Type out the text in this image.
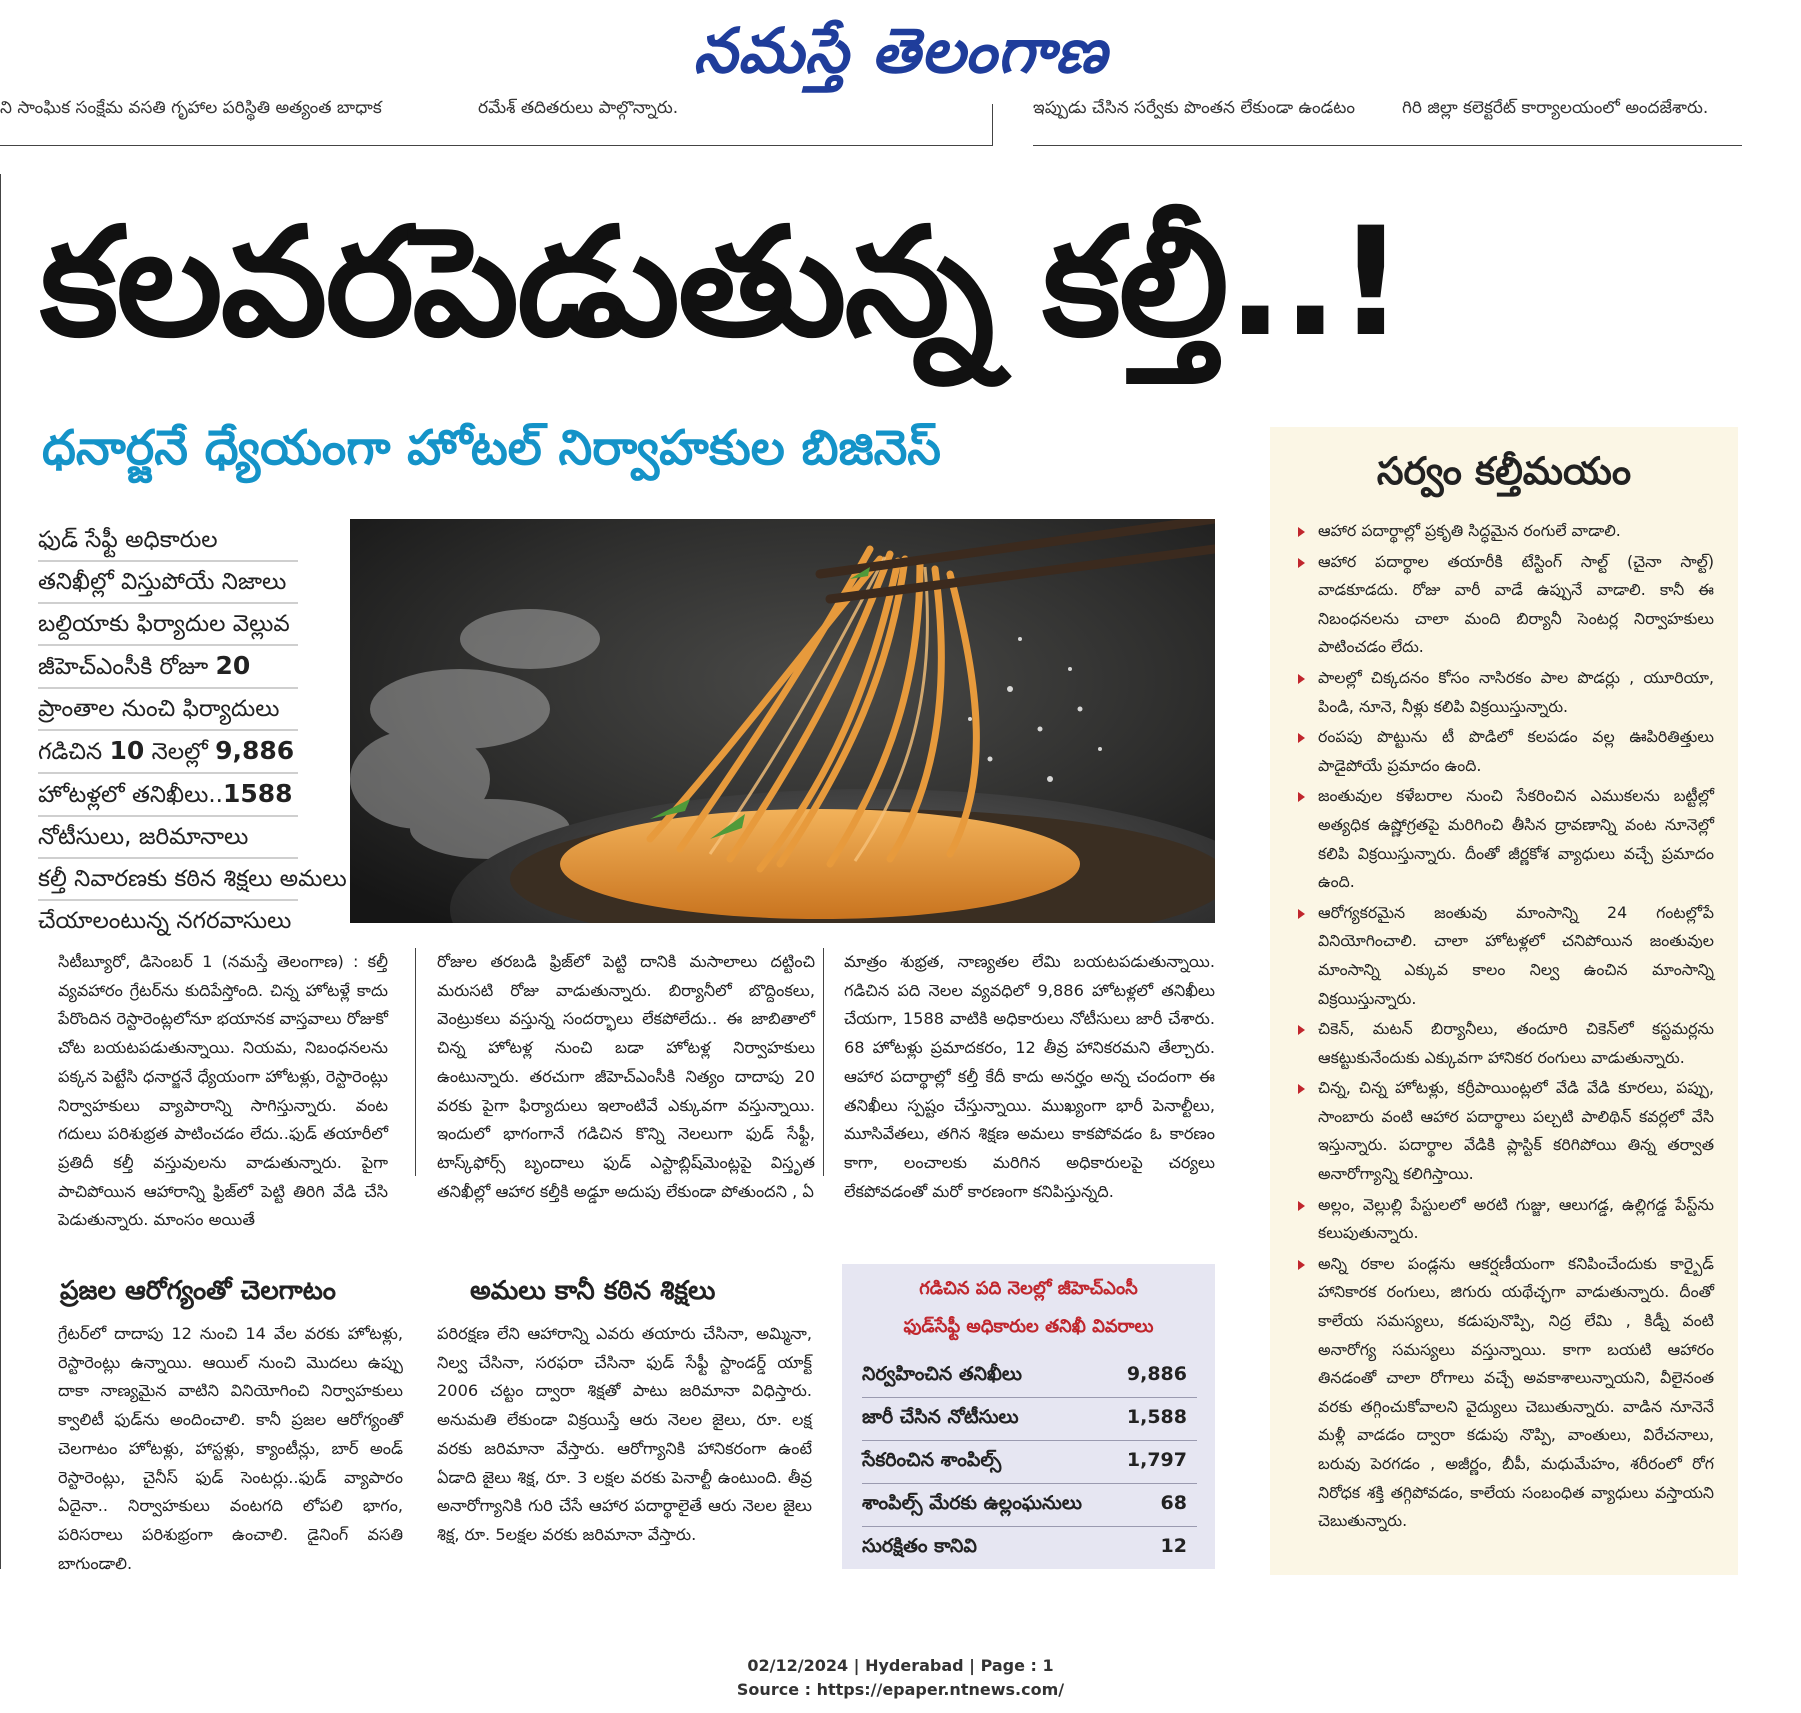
నమస్తే తెలంగాణ
ని సాంఘిక సంక్షేమ వసతి గృహాల పరిస్థితి అత్యంత బాధాక	రమేశ్ తదితరులు పాల్గొన్నారు.	ఇప్పుడు చేసిన సర్వేకు పొంతన లేకుండా ఉండటం	గిరి జిల్లా కలెక్టరేట్ కార్యాలయంలో అందజేశారు.
కలవరపెడుతున్న కల్తీ..!
ధనార్జనే ధ్యేయంగా హోటల్ నిర్వాహకుల బిజినెస్
ఫుడ్ సేఫ్టీ అధికారుల
తనిఖీల్లో విస్తుపోయే నిజాలు
బల్దియాకు ఫిర్యాదుల వెల్లువ
జీహెచ్ఎంసీకి రోజూ 20
ప్రాంతాల నుంచి ఫిర్యాదులు
గడిచిన 10 నెలల్లో 9,886
హోటళ్లలో తనిఖీలు..1588
నోటీసులు, జరిమానాలు
కల్తీ నివారణకు కఠిన శిక్షలు అమలు
చేయాలంటున్న నగరవాసులు

సిటీబ్యూరో, డిసెంబర్ 1 (నమస్తే తెలంగాణ) : కల్తీ వ్యవహారం గ్రేటర్‌ను కుదిపేస్తోంది. చిన్న హోటళ్లే కాదు పేరొందిన రెస్టారెంట్లలోనూ భయానక వాస్తవాలు రోజుకో చోట బయటపడుతున్నాయి. నియమ, నిబంధనలను పక్కన పెట్టేసి ధనార్జనే ధ్యేయంగా హోటళ్లు, రెస్టారెంట్లు నిర్వాహకులు వ్యాపారాన్ని సాగిస్తున్నారు. వంట గదులు పరిశుభ్రత పాటించడం లేదు..ఫుడ్ తయారీలో ప్రతిదీ కల్తీ వస్తువులను వాడుతున్నారు. పైగా పాచిపోయిన ఆహారాన్ని ఫ్రిజ్‌లో పెట్టి తిరిగి వేడి చేసి పెడుతున్నారు. మాంసం అయితే

రోజుల తరబడి ఫ్రిజ్‌లో పెట్టి దానికి మసాలాలు దట్టించి మరుసటి రోజు వాడుతున్నారు. బిర్యానీలో బొద్దింకలు, వెంట్రుకలు వస్తున్న సందర్భాలు లేకపోలేదు.. ఈ జాబితాలో చిన్న హోటళ్ల నుంచి బడా హోటళ్ల నిర్వాహకులు ఉంటున్నారు. తరచుగా జీహెచ్ఎంసీకి నిత్యం దాదాపు 20 వరకు పైగా ఫిర్యాదులు ఇలాంటివే ఎక్కువగా వస్తున్నాయి. ఇందులో భాగంగానే గడిచిన కొన్ని నెలలుగా ఫుడ్ సేఫ్టీ, టాస్క్‌ఫోర్స్ బృందాలు ఫుడ్ ఎస్టాబ్లిష్‌మెంట్లపై విస్తృత తనిఖీల్లో ఆహార కల్తీకి అడ్డూ అదుపు లేకుండా పోతుందని , ఏ

మాత్రం శుభ్రత, నాణ్యతల లేమి బయటపడుతున్నాయి. గడిచిన పది నెలల వ్యవధిలో 9,886 హోటళ్లలో తనిఖీలు చేయగా, 1588 వాటికి అధికారులు నోటీసులు జారీ చేశారు. 68 హోటళ్లు ప్రమాదకరం, 12 తీవ్ర హానికరమని తేల్చారు. ఆహార పదార్థాల్లో కల్తీ కేదీ కాదు అనర్హం అన్న చందంగా ఈ తనిఖీలు స్పష్టం చేస్తున్నాయి. ముఖ్యంగా భారీ పెనాల్టీలు, మూసివేతలు, తగిన శిక్షణ అమలు కాకపోవడం ఓ కారణం కాగా, లంచాలకు మరిగిన అధికారులపై చర్యలు లేకపోవడంతో మరో కారణంగా కనిపిస్తున్నది.

ప్రజల ఆరోగ్యంతో చెలగాటం

గ్రేటర్‌లో దాదాపు 12 నుంచి 14 వేల వరకు హోటళ్లు, రెస్టారెంట్లు ఉన్నాయి. ఆయిల్ నుంచి మొదలు ఉప్పు దాకా నాణ్యమైన వాటిని వినియోగించి నిర్వాహకులు క్వాలిటీ ఫుడ్‌ను అందించాలి. కానీ ప్రజల ఆరోగ్యంతో చెలగాటం హోటళ్లు, హాస్టళ్లు, క్యాంటీన్లు, బార్ అండ్ రెస్టారెంట్లు, చైనీస్ ఫుడ్ సెంటర్లు..ఫుడ్ వ్యాపారం ఏదైనా.. నిర్వాహకులు వంటగది లోపలి భాగం, పరిసరాలు పరిశుభ్రంగా ఉంచాలి. డైనింగ్ వసతి బాగుండాలి.

అమలు కానీ కఠిన శిక్షలు

పరిరక్షణ లేని ఆహారాన్ని ఎవరు తయారు చేసినా, అమ్మినా, నిల్వ చేసినా, సరఫరా చేసినా ఫుడ్ సేఫ్టీ స్టాండర్డ్ యాక్ట్ 2006 చట్టం ద్వారా శిక్షతో పాటు జరిమానా విధిస్తారు. అనుమతి లేకుండా విక్రయిస్తే ఆరు నెలల జైలు, రూ. లక్ష వరకు జరిమానా వేస్తారు. ఆరోగ్యానికి హానికరంగా ఉంటే ఏడాది జైలు శిక్ష, రూ. 3 లక్షల వరకు పెనాల్టీ ఉంటుంది. తీవ్ర అనారోగ్యానికి గురి చేసే ఆహార పదార్థాలైతే ఆరు నెలల జైలు శిక్ష, రూ. 5లక్షల వరకు జరిమానా వేస్తారు.

గడిచిన పది నెలల్లో జీహెచ్ఎంసీ
ఫుడ్‌సేఫ్టీ అధికారుల తనిఖీ వివరాలు
నిర్వహించిన తనిఖీలు	9,886
జారీ చేసిన నోటీసులు	1,588
సేకరించిన శాంపిల్స్	1,797
శాంపిల్స్ మేరకు ఉల్లంఘనులు	68
సురక్షితం కానివి	12
సర్వం కల్తీమయం
ఆహార పదార్థాల్లో ప్రకృతి సిద్ధమైన రంగులే వాడాలి.
ఆహార పదార్థాల తయారీకి టేస్టింగ్ సాల్ట్ (చైనా సాల్ట్) వాడకూడదు. రోజు వారీ వాడే ఉప్పునే వాడాలి. కానీ ఈ నిబంధనలను చాలా మంది బిర్యానీ సెంటర్ల నిర్వాహకులు పాటించడం లేదు.
పాలల్లో చిక్కదనం కోసం నాసిరకం పాల పొడర్లు , యూరియా, పిండి, నూనె, నీళ్లు కలిపి విక్రయిస్తున్నారు.
రంపపు పొట్టును టీ పొడిలో కలపడం వల్ల ఊపిరితిత్తులు పాడైపోయే ప్రమాదం ఉంది.
జంతువుల కళేబరాల నుంచి సేకరించిన ఎముకలను బట్టీల్లో అత్యధిక ఉష్ణోగ్రతపై మరిగించి తీసిన ద్రావణాన్ని వంట నూనెల్లో కలిపి విక్రయిస్తున్నారు. దీంతో జీర్ణకోశ వ్యాధులు వచ్చే ప్రమాదం ఉంది.
ఆరోగ్యకరమైన జంతువు మాంసాన్ని 24 గంటల్లోపే వినియోగించాలి. చాలా హోటళ్లలో చనిపోయిన జంతువుల మాంసాన్ని ఎక్కువ కాలం నిల్వ ఉంచిన మాంసాన్ని విక్రయిస్తున్నారు.
చికెన్, మటన్ బిర్యానీలు, తందూరి చికెన్‌లో కస్టమర్లను ఆకట్టుకునేందుకు ఎక్కువగా హానికర రంగులు వాడుతున్నారు.
చిన్న, చిన్న హోటళ్లు, కర్రీపాయింట్లలో వేడి వేడి కూరలు, పప్పు, సాంబారు వంటి ఆహార పదార్థాలు పల్చటి పాలిథిన్ కవర్లలో వేసి ఇస్తున్నారు. పదార్థాల వేడికి ప్లాస్టిక్ కరిగిపోయి తిన్న తర్వాత అనారోగ్యాన్ని కలిగిస్తాయి.
అల్లం, వెల్లుల్లి పేస్టులలో అరటి గుజ్జు, ఆలుగడ్డ, ఉల్లిగడ్డ పేస్ట్‌ను కలుపుతున్నారు.
అన్ని రకాల పండ్లను ఆకర్షణీయంగా కనిపించేందుకు కార్బైడ్ హానికారక రంగులు, జిగురు యథేచ్ఛగా వాడుతున్నారు. దీంతో కాలేయ సమస్యలు, కడుపునొప్పి, నిద్ర లేమి , కిడ్నీ వంటి అనారోగ్య సమస్యలు వస్తున్నాయి. కాగా బయటి ఆహారం తినడంతో చాలా రోగాలు వచ్చే అవకాశాలున్నాయని, వీలైనంత వరకు తగ్గించుకోవాలని వైద్యులు చెబుతున్నారు. వాడిన నూనెనే మళ్లీ వాడడం ద్వారా కడుపు నొప్పి, వాంతులు, విరేచనాలు, బరువు పెరగడం , అజీర్ణం, బీపీ, మధుమేహం, శరీరంలో రోగ నిరోధక శక్తి తగ్గిపోవడం, కాలేయ సంబంధిత వ్యాధులు వస్తాయని చెబుతున్నారు.
02/12/2024 | Hyderabad | Page : 1
Source : https://epaper.ntnews.com/
